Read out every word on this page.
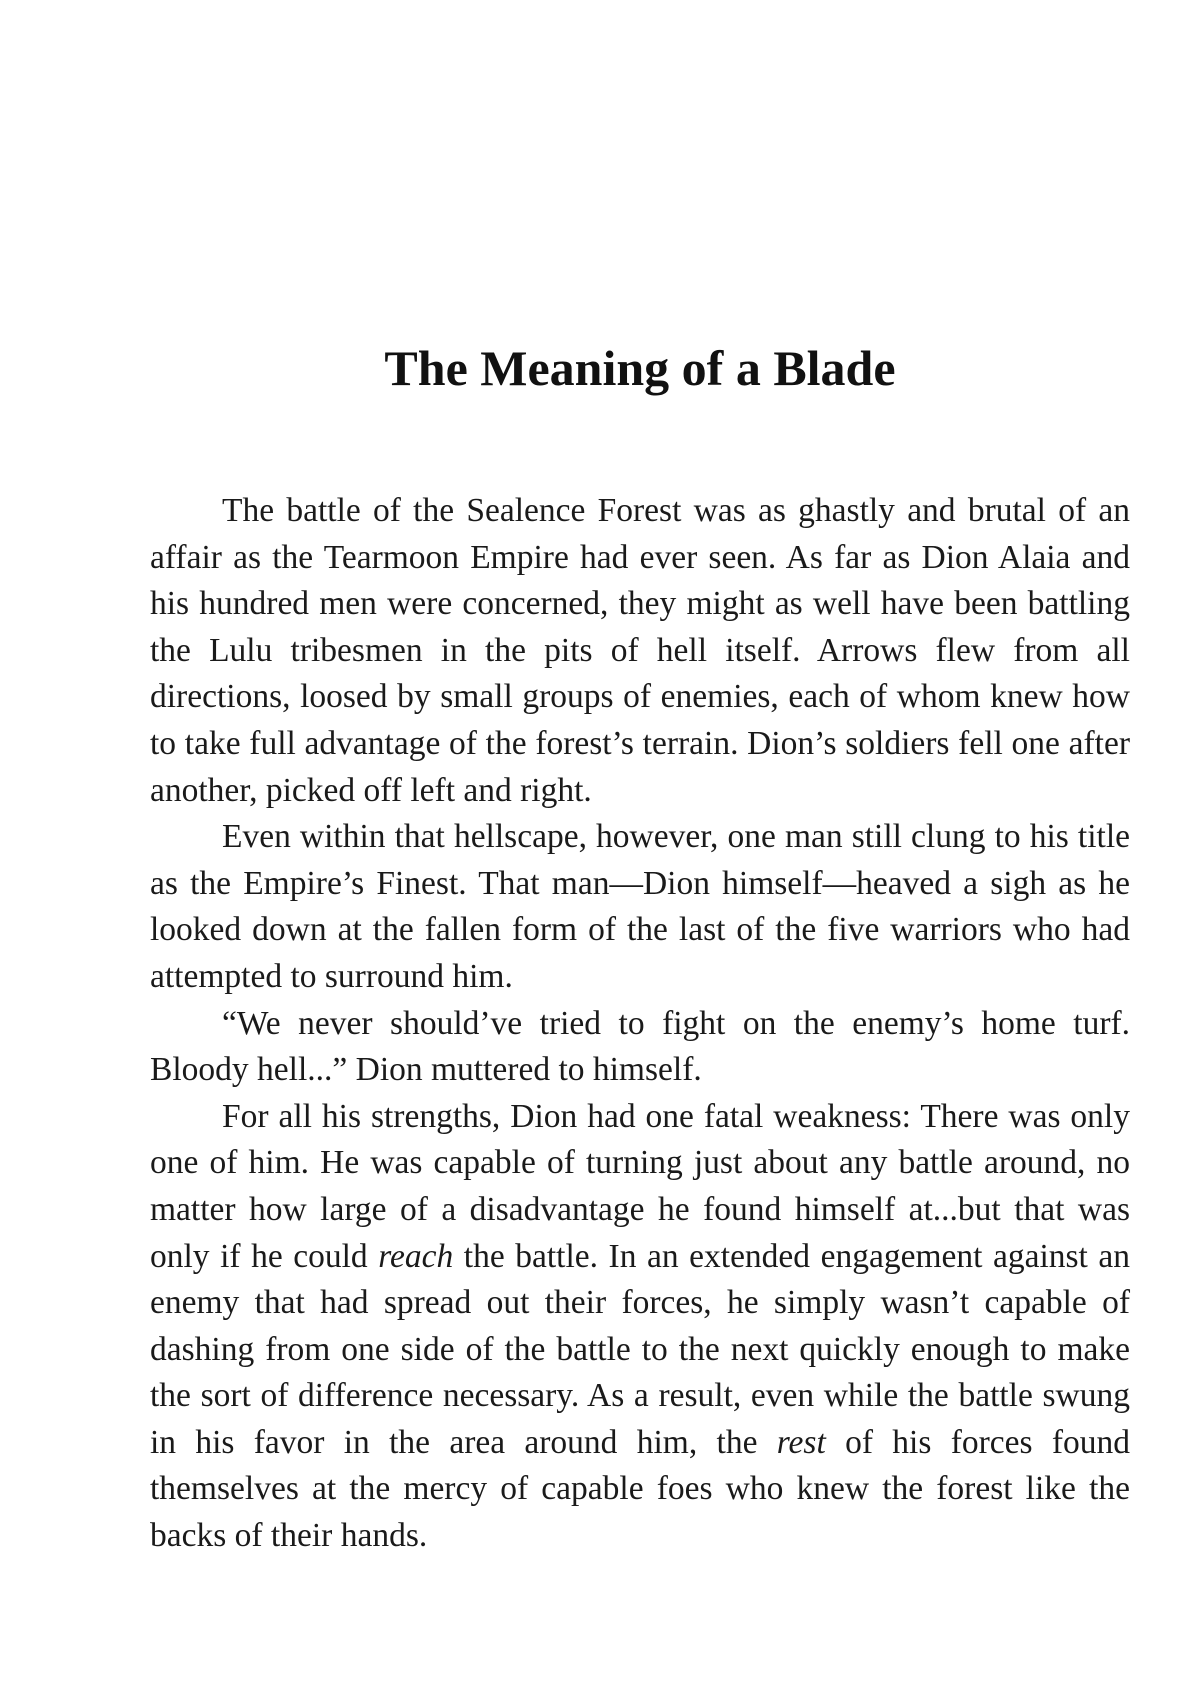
The Meaning of a Blade

The battle of the Sealence Forest was as ghastly and brutal of an affair as the Tearmoon Empire had ever seen. As far as Dion Alaia and his hundred men were concerned, they might as well have been battling the Lulu tribesmen in the pits of hell itself. Arrows flew from all directions, loosed by small groups of enemies, each of whom knew how to take full advantage of the forest’s terrain. Dion’s soldiers fell one after another, picked off left and right.

Even within that hellscape, however, one man still clung to his title as the Empire’s Finest. That man—Dion himself—heaved a sigh as he looked down at the fallen form of the last of the five warriors who had attempted to surround him.

“We never should’ve tried to fight on the enemy’s home turf. Bloody hell...” Dion muttered to himself.

For all his strengths, Dion had one fatal weakness: There was only one of him. He was capable of turning just about any battle around, no matter how large of a disadvantage he found himself at...but that was only if he could reach the battle. In an extended engagement against an enemy that had spread out their forces, he simply wasn’t capable of dashing from one side of the battle to the next quickly enough to make the sort of difference necessary. As a result, even while the battle swung in his favor in the area around him, the rest of his forces found themselves at the mercy of capable foes who knew the forest like the backs of their hands.
